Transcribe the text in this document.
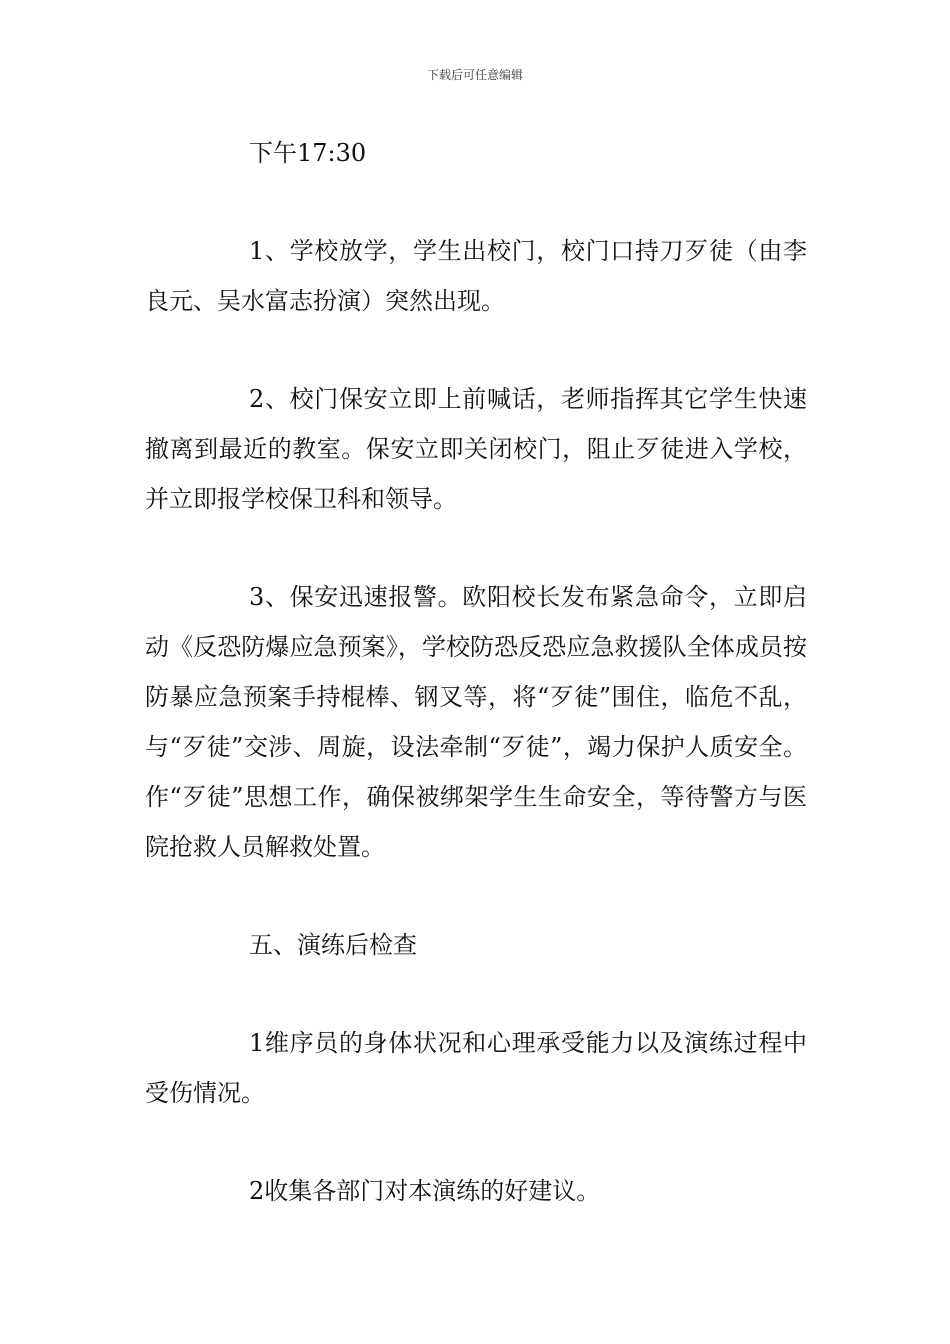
下载后可任意编辑

下午17:30

1、学校放学，学生出校门，校门口持刀歹徒（由李良元、吴水富志扮演）突然出现。

2、校门保安立即上前喊话，老师指挥其它学生快速撤离到最近的教室。保安立即关闭校门，阻止歹徒进入学校，并立即报学校保卫科和领导。

3、保安迅速报警。欧阳校长发布紧急命令，立即启动《反恐防爆应急预案》，学校防恐反恐应急救援队全体成员按防暴应急预案手持棍棒、钢叉等，将“歹徒”围住，临危不乱，与“歹徒”交涉、周旋，设法牵制“歹徒”，竭力保护人质安全。作“歹徒”思想工作，确保被绑架学生生命安全，等待警方与医院抢救人员解救处置。

五、演练后检查

1维序员的身体状况和心理承受能力以及演练过程中受伤情况。

2收集各部门对本演练的好建议。
